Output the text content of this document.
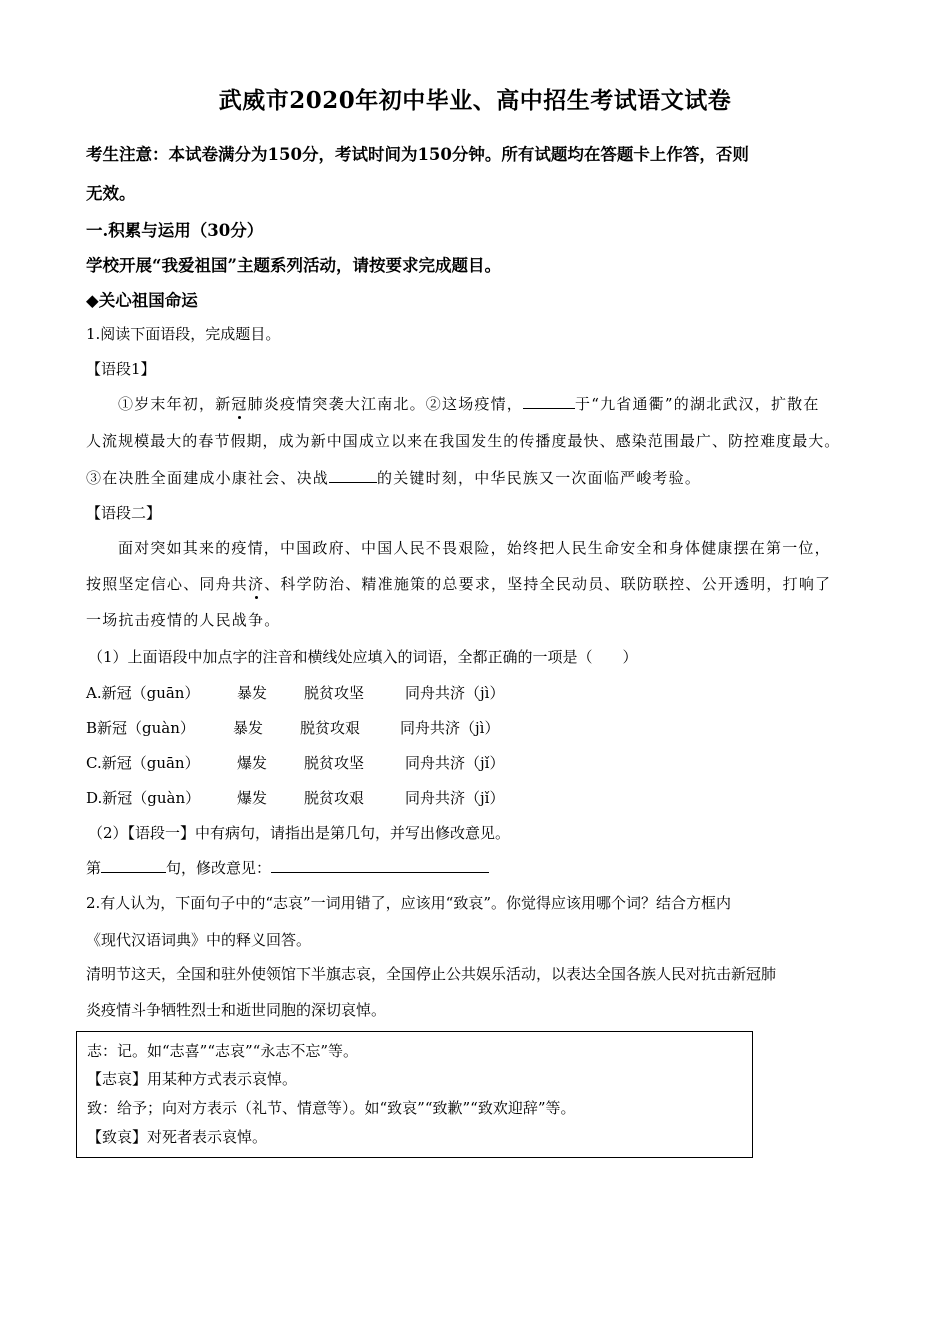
武威市2020年初中毕业、高中招生考试语文试卷
考生注意：本试卷满分为150分，考试时间为150分钟。所有试题均在答题卡上作答，否则
无效。
一.积累与运用（30分）
学校开展“我爱祖国”主题系列活动，请按要求完成题目。
◆关心祖国命运
1.阅读下面语段，完成题目。
【语段1】
①岁末年初，新冠肺炎疫情突袭大江南北。②这场疫情，	于“九省通衢”的湖北武汉，扩散在
人流规模最大的春节假期，成为新中国成立以来在我国发生的传播度最快、感染范围最广、防控难度最大。
③在决胜全面建成小康社会、决战	的关键时刻，中华民族又一次面临严峻考验。
【语段二】
面对突如其来的疫情，中国政府、中国人民不畏艰险，始终把人民生命安全和身体健康摆在第一位，
按照坚定信心、同舟共济、科学防治、精准施策的总要求，坚持全民动员、联防联控、公开透明，打响了
一场抗击疫情的人民战争。
（1）上面语段中加点字的注音和横线处应填入的词语，全都正确的一项是（　　）
A.新冠（guān）	暴发 脱贫攻坚	同舟共济（jì）
B新冠（guàn）	暴发 脱贫攻艰	同舟共济（jì）
C.新冠（guān） 爆发 脱贫攻坚	同舟共济（jǐ）
D.新冠（guàn） 爆发 脱贫攻艰	同舟共济（jǐ）
（2）【语段一】中有病句，请指出是第几句，并写出修改意见。
第	句，修改意见：
2.有人认为，下面句子中的“志哀”一词用错了，应该用“致哀”。你觉得应该用哪个词？结合方框内
《现代汉语词典》中的释义回答。
清明节这天，全国和驻外使领馆下半旗志哀，全国停止公共娱乐活动，以表达全国各族人民对抗击新冠肺
炎疫情斗争牺牲烈士和逝世同胞的深切哀悼。
志：记。如“志喜”“志哀”“永志不忘”等。
【志哀】用某种方式表示哀悼。
致：给予；向对方表示（礼节、情意等）。如“致哀”“致歉”“致欢迎辞”等。
【致哀】对死者表示哀悼。
